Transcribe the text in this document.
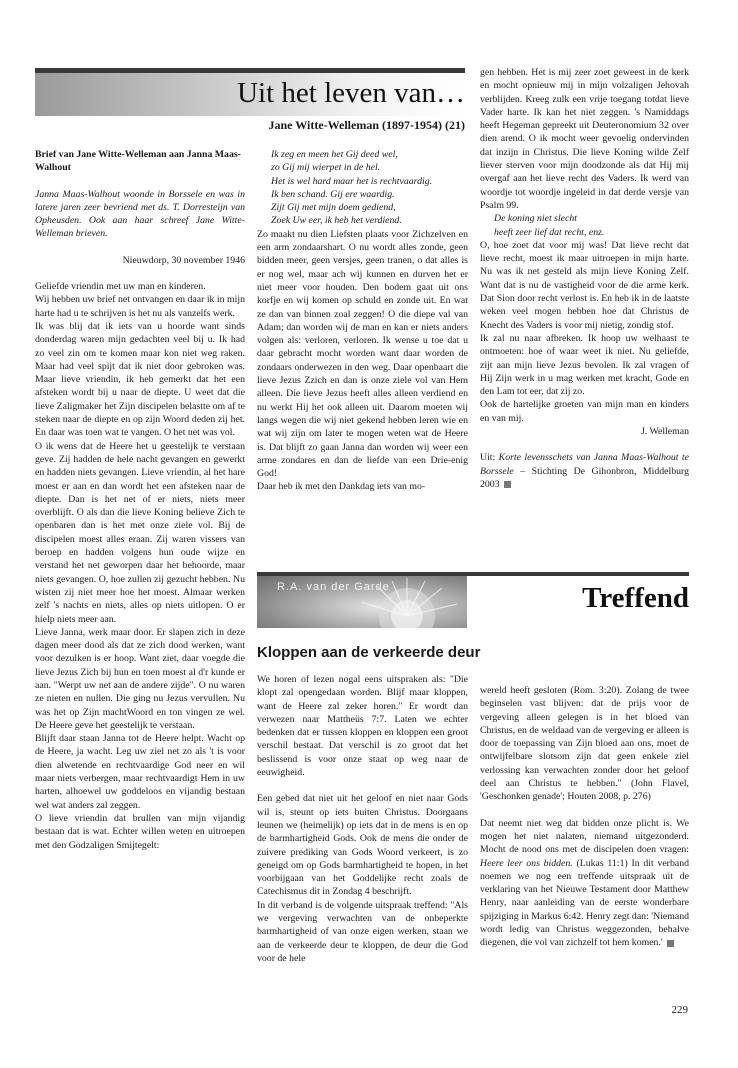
Uit het leven van…
Jane Witte-Welleman (1897-1954) (21)

Brief van Jane Witte-Welleman aan Janna Maas-Walhout

Janna Maas-Walhout woonde in Borssele en was in latere jaren zeer bevriend met ds. T. Dorresteijn van Opheusden. Ook aan haar schreef Jane Witte-Welleman brieven.

Nieuwdorp, 30 november 1946

Geliefde vriendin met uw man en kinderen.

Wij hebben uw brief net ontvangen en daar ik in mijn harte had u te schrijven is het nu als vanzelfs werk.

Ik was blij dat ik iets van u hoorde want sinds donderdag waren mijn gedachten veel bij u. Ik had zo veel zin om te komen maar kon niet weg raken. Maar had veel spijt dat ik niet door gebroken was. Maar lieve vriendin, ik heb gemerkt dat het een afsteken wordt bij u naar de diepte. U weet dat die lieve Zaligmaker het Zijn discipelen belastte om af te steken naar de diepte en op zijn Woord deden zij het. En daar was toen wat te vangen. O het net was vol.

O ik wens dat de Heere het u geestelijk te verstaan geve. Zij hadden de hele nacht gevangen en gewerkt en hadden niets gevangen. Lieve vriendin, al het hare moest er aan en dan wordt het een afsteken naar de diepte. Dan is het net of er niets, niets meer overblijft. O als dan die lieve Koning believe Zich te openbaren dan is het met onze ziele vol. Bij de discipelen moest alles eraan. Zij waren vissers van beroep en hadden volgens hun oude wijze en verstand het net geworpen daar het behoorde, maar niets gevangen. O, hoe zullen zij gezucht hebben. Nu wisten zij niet meer hoe het moest. Almaar werken zelf 's nachts en niets, alles op niets uitlopen. O er hielp niets meer aan.

Lieve Janna, werk maar door. Er slapen zich in deze dagen meer dood als dat ze zich dood werken, want voor dezulken is er hoop. Want ziet, daar voegde die lieve Jezus Zich bij hun en toen moest al d'r kunde er aan. "Werpt uw net aan de andere zijde". O nu waren ze nieten en nullen. Die ging nu Jezus vervullen. Nu was het op Zijn machtWoord en ton vingen ze wel. De Heere geve het geestelijk te verstaan.

Blijft daar staan Janna tot de Heere helpt. Wacht op de Heere, ja wacht. Leg uw ziel net zo als 't is voor dien alwetende en rechtvaardige God neer en wil maar niets verbergen, maar rechtvaardigt Hem in uw harten, alhoewel uw goddeloos en vijandig bestaan wel wat anders zal zeggen.

O lieve vriendin dat brullen van mijn vijandig bestaan dat is wat. Echter willen weten en uitroepen met den Godzaligen Smijtegelt:

Ik zeg en meen het Gij deed wel,

zo Gij mij wierpet in de hel.

Het is wel hard maar het is rechtvaardig.

Ik ben schand. Gij ere waardig.

Zijt Gij met mijn doem gediend,

Zoek Uw eer, ik heb het verdiend.

Zo maakt nu dien Liefsten plaats voor Zichzelven en een arm zondaarshart. O nu wordt alles zonde, geen bidden meer, geen versjes, geen tranen, o dat alles is er nog wel, maar ach wij kunnen en durven het er niet meer voor houden. Den bodem gaat uit ons korfje en wij komen op schuld en zonde uit. En wat ze dan van binnen zoal zeggen! O die diepe val van Adam; dan worden wij de man en kan er niets anders volgen als: verloren, verloren. Ik wense u toe dat u daar gebracht mocht worden want daar worden de zondaars onderwezen in den weg. Daar openbaart die lieve Jezus Zzich en dan is onze ziele vol van Hem alleen. Die lieve Jezus heeft alles alleen verdiend en nu werkt Hij het ook alleen uit. Daarom moeten wij langs wegen die wij niet gekend hebben leren wie en wat wij zijn om later te mogen weten wat de Heere is. Dat blijft zo gaan Janna dan worden wij weer een arme zondares en dan de liefde van een Drie-enig God!

Daar heb ik met den Dankdag iets van mo-

gen hebben. Het is mij zeer zoet geweest in de kerk en mocht opnieuw mij in mijn volzaligen Jehovah verblijden. Kreeg zulk een vrije toegang totdat lieve Vader harte. Ik kan het niet zeggen. 's Namiddags heeft Hegeman gepreekt uit Deuteronomium 32 over dien arend. O ik mocht weer gevoelig ondervinden dat inzijn in Christus. Die lieve Koning wilde Zelf liever sterven voor mijn doodzonde als dat Hij mij overgaf aan het lieve recht des Vaders. Ik werd van woordje tot woordje ingeleid in dat derde versje van Psalm 99.

De koning niet slecht

heeft zeer lief dat recht, enz.

O, hoe zoet dat voor mij was! Dat lieve recht dat lieve recht, moest ik maar uitroepen in mijn harte. Nu was ik net gesteld als mijn lieve Koning Zelf. Want dat is nu de vastigheid voor de die arme kerk. Dat Sion door recht verlost is. En heb ik in de laatste weken veel mogen hebben hoe dat Christus de Knecht des Vaders is voor mij nietig, zondig stof.

Ik zal nu naar afbreken. Ik hoop uw welhaast te ontmoeten: hoe of waar weet ik niet. Nu geliefde, zijt aan mijn lieve Jezus bevolen. Ik zal vragen of Hij Zijn werk in u mag werken met kracht, Gode en den Lam tot eer, dat zij zo.

Ook de hartelijke groeten van mijn man en kinders en van mij.

J. Welleman

Uit: Korte levensschets van Janna Maas-Walhout te Borssele – Stichting De Gihonbron, Middelburg 2003

R.A. van der Garde	Treffend
Kloppen aan de verkeerde deur

We horen of lezen nogal eens uitspraken als: "Die klopt zal opengedaan worden. Blijf maar kloppen, want de Heere zal zeker horen." Er wordt dan verwezen naar Mattheüs 7:7. Laten we echter bedenken dat er tussen kloppen en kloppen een groot verschil bestaat. Dat verschil is zo groot dat het beslissend is voor onze staat op weg naar de eeuwigheid.

Een gebed dat niet uit het geloof en niet naar Gods wil is, steunt op iets buiten Christus. Doorgaans leunen we (heimelijk) op iets dat in de mens is en op de barmhartigheid Gods. Ook de mens die onder de zuivere prediking van Gods Woord verkeert, is zo geneigd om op Gods barmhartigheid te hopen, in het voorbijgaan van het Goddelijke recht zoals de Catechismus dit in Zondag 4 beschrijft.

In dit verband is de volgende uitspraak treffend: "Als we vergeving verwachten van de onbeperkte barmhartigheid of van onze eigen werken, staan we aan de verkeerde deur te kloppen, de deur die God voor de hele

wereld heeft gesloten (Rom. 3:20). Zolang de twee beginselen vast blijven: dat de prijs voor de vergeving alleen gelegen is in het bloed van Christus, en de weldaad van de vergeving er alleen is door de toepassing van Zijn bloed aan ons, moet de ontwijfelbare slotsom zijn dat geen enkele ziel verlossing kan verwachten zonder door het geloof deel aan Christus te hebben." (John Flavel, 'Geschonken genade'; Houten 2008, p. 276)

Dat neemt niet weg dat bidden onze plicht is. We mogen het niet nalaten, niemand uitgezonderd. Mocht de nood ons met de discipelen doen vragen: Heere leer ons bidden. (Lukas 11:1) In dit verband noemen we nog een treffende uitspraak uit de verklaring van het Nieuwe Testament door Matthew Henry, naar aanleiding van de eerste wonderbare spijziging in Markus 6:42. Henry zegt dan: 'Niemand wordt ledig van Christus weggezonden, behalve diegenen, die vol van zichzelf tot hem komen.'

229
